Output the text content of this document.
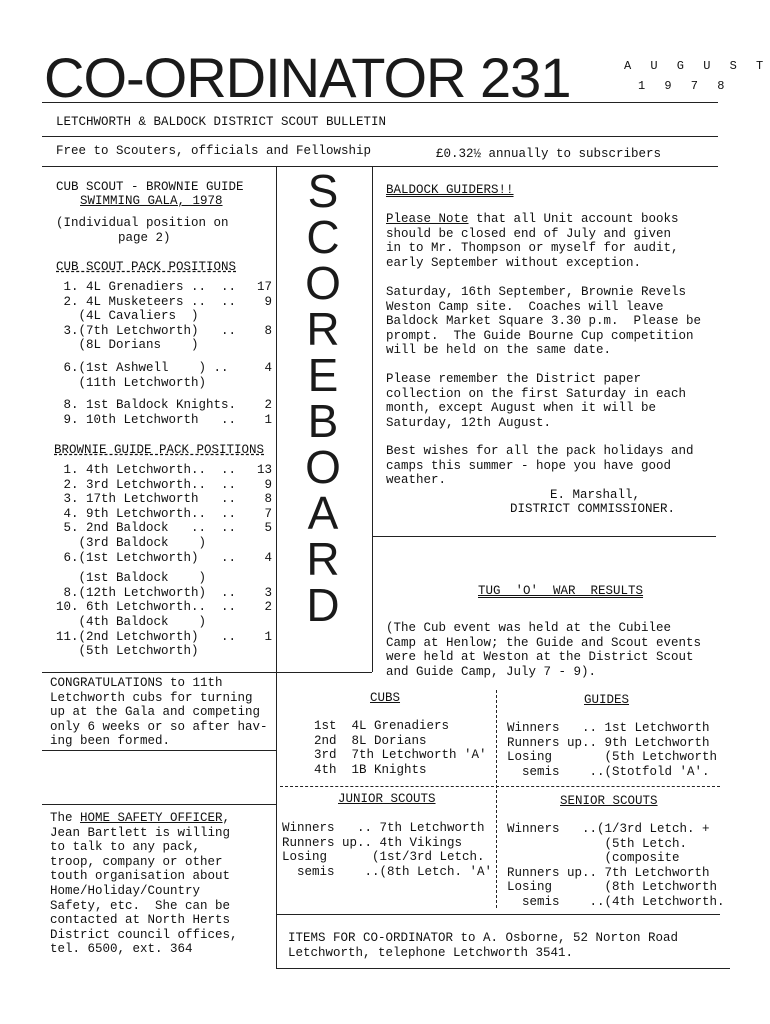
CO-ORDINATOR 231	A U G U S T
1 9 7 8
LETCHWORTH & BALDOCK DISTRICT SCOUT BULLETIN
Free to Scouters, officials and Fellowship	£0.32½ annually to subscribers
S
C
O
R
E
B
O
A
R
D
CUB SCOUT - BROWNIE GUIDE
SWIMMING GALA, 1978
(Individual position on
page 2)
CUB SCOUT PACK POSITIONS
1. 4L Grenadiers ..  ..	17
2. 4L Musketeers ..  ..	9
(4L Cavaliers  )
3.(7th Letchworth)   ..	8
(8L Dorians    )
6.(1st Ashwell    ) ..	4
(11th Letchworth)
8. 1st Baldock Knights.	2
9. 10th Letchworth   ..	1
BROWNIE GUIDE PACK POSITIONS
1. 4th Letchworth..  ..	13
2. 3rd Letchworth..  ..	9
3. 17th Letchworth   ..	8
4. 9th Letchworth..  ..	7
5. 2nd Baldock   ..  ..	5
(3rd Baldock    )
6.(1st Letchworth)   ..	4
(1st Baldock    )
8.(12th Letchworth)  ..	3
10. 6th Letchworth..  ..	2
(4th Baldock    )
11.(2nd Letchworth)   ..	1
(5th Letchworth)
CONGRATULATIONS to 11th
Letchworth cubs for turning
up at the Gala and competing
only 6 weeks or so after hav-
ing been formed.
The HOME SAFETY OFFICER,
Jean Bartlett is willing
to talk to any pack,
troop, company or other
touth organisation about
Home/Holiday/Country
Safety, etc.  She can be
contacted at North Herts
District council offices,
tel. 6500, ext. 364
BALDOCK GUIDERS!!
Please Note that all Unit account books
should be closed end of July and given
in to Mr. Thompson or myself for audit,
early September without exception.
Saturday, 16th September, Brownie Revels
Weston Camp site.  Coaches will leave
Baldock Market Square 3.30 p.m.  Please be
prompt.  The Guide Bourne Cup competition
will be held on the same date.
Please remember the District paper
collection on the first Saturday in each
month, except August when it will be
Saturday, 12th August.
Best wishes for all the pack holidays and
camps this summer - hope you have good
weather.
E. Marshall,
DISTRICT COMMISSIONER.
TUG  'O'  WAR  RESULTS
(The Cub event was held at the Cubilee
Camp at Henlow; the Guide and Scout events
were held at Weston at the District Scout
and Guide Camp, July 7 - 9).
CUBS
1st  4L Grenadiers
2nd  8L Dorians
3rd  7th Letchworth 'A'
4th  1B Knights
GUIDES
Winners   .. 1st Letchworth
Runners up.. 9th Letchworth
Losing       (5th Letchworth
semis    ..(Stotfold 'A'.
JUNIOR SCOUTS
Winners   .. 7th Letchworth
Runners up.. 4th Vikings
Losing      (1st/3rd Letch.
semis    ..(8th Letch. 'A'
SENIOR SCOUTS
Winners   ..(1/3rd Letch. +
(5th Letch.
(composite
Runners up.. 7th Letchworth
Losing       (8th Letchworth
semis    ..(4th Letchworth.
ITEMS FOR CO-ORDINATOR to A. Osborne, 52 Norton Road
Letchworth, telephone Letchworth 3541.
